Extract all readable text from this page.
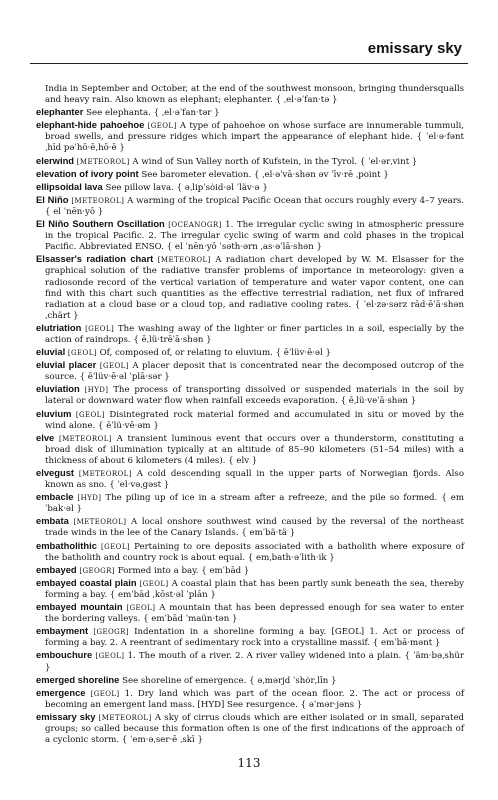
emissary sky

India in September and October, at the end of the southwest monsoon, bringing thundersqualls and heavy rain. Also known as elephant; elephanter. { ˌel·əˈfan·tə }

elephanter See elephanta. { ˌel·əˈfan·tər }

elephant-hide pahoehoe [GEOL] A type of pahoehoe on whose surface are innumerable tummuli, broad swells, and pressure ridges which impart the appearance of elephant hide. { ˈel·ə·fənt ˌhīd pəˈhō·ē‚hō·ē }

elerwind [METEOROL] A wind of Sun Valley north of Kufstein, in the Tyrol. { ˈel·ərˌvint }

elevation of ivory point See barometer elevation. { ˌel·əˈvā·shən əv ˈīv·rē ˌpoint }

ellipsoidal lava See pillow lava. { əˌlipˈsȯid·əl ˈläv·ə }

El Niño [METEOROL] A warming of the tropical Pacific Ocean that occurs roughly every 4–7 years. { el ˈnēn·yō }

El Niño Southern Oscillation [OCEANOGR] 1. The irregular cyclic swing in atmospheric pressure in the tropical Pacific. 2. The irregular cyclic swing of warm and cold phases in the tropical Pacific. Abbreviated ENSO. { el ˈnēn·yō ˈsəth·ərn ˌas·əˈlā·shən }

Elsasser's radiation chart [METEOROL] A radiation chart developed by W. M. Elsasser for the graphical solution of the radiative transfer problems of importance in meteorology: given a radiosonde record of the vertical variation of temperature and water vapor content, one can find with this chart such quantities as the effective terrestrial radiation, net flux of infrared radiation at a cloud base or a cloud top, and radiative cooling rates. { ˈel·zə·sərz rād·ēˈā·shən ˌchärt }

elutriation [GEOL] The washing away of the lighter or finer particles in a soil, especially by the action of raindrops. { ēˌlü·trēˈā·shən }

eluvial [GEOL] Of, composed of, or relating to eluvium. { ēˈlüv·ē·əl }

eluvial placer [GEOL] A placer deposit that is concentrated near the decomposed outcrop of the source. { ēˈlüv·ē·əl ˈplā·sər }

eluviation [HYD] The process of transporting dissolved or suspended materials in the soil by lateral or downward water flow when rainfall exceeds evaporation. { ēˌlü·veˈā·shən }

eluvium [GEOL] Disintegrated rock material formed and accumulated in situ or moved by the wind alone. { ēˈlü·vē·əm }

elve [METEOROL] A transient luminous event that occurs over a thunderstorm, constituting a broad disk of illumination typically at an altitude of 85–90 kilometers (51–54 miles) with a thickness of about 6 kilometers (4 miles). { elv }

elvegust [METEOROL] A cold descending squall in the upper parts of Norwegian fjords. Also known as sno. { ˈel·vəˌgəst }

embacle [HYD] The piling up of ice in a stream after a refreeze, and the pile so formed. { emˈbak·əl }

embata [METEOROL] A local onshore southwest wind caused by the reversal of the northeast trade winds in the lee of the Canary Islands. { emˈbä·tä }

embatholithic [GEOL] Pertaining to ore deposits associated with a batholith where exposure of the batholith and country rock is about equal. { emˌbath·əˈlith·ik }

embayed [GEOGR] Formed into a bay. { emˈbād }

embayed coastal plain [GEOL] A coastal plain that has been partly sunk beneath the sea, thereby forming a bay. { emˈbād ˌkōst·əl ˈplān }

embayed mountain [GEOL] A mountain that has been depressed enough for sea water to enter the bordering valleys. { emˈbād ˈmaün·tən }

embayment [GEOGR] Indentation in a shoreline forming a bay. [GEOL] 1. Act or process of forming a bay. 2. A reentrant of sedimentary rock into a crystalline massif. { emˈbā·mənt }

embouchure [GEOL] 1. The mouth of a river. 2. A river valley widened into a plain. { ˈäm·bəˌshür }

emerged shoreline See shoreline of emergence. { əˌmərjd ˈshȯr‚līn }

emergence [GEOL] 1. Dry land which was part of the ocean floor. 2. The act or process of becoming an emergent land mass. [HYD] See resurgence. { əˈmər·jəns }

emissary sky [METEOROL] A sky of cirrus clouds which are either isolated or in small, separated groups; so called because this formation often is one of the first indications of the approach of a cyclonic storm. { ˈem·əˌser·ē ˌskī }

113
